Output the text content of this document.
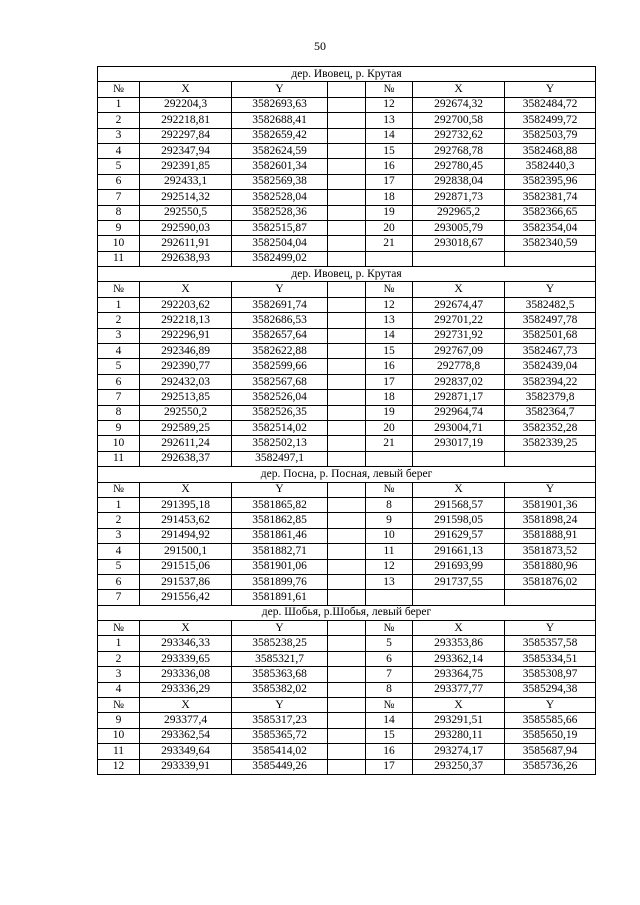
50
дер. Ивовец, р. Крутая						
№	X	Y		№	X	Y
1	292204,3	3582693,63		12	292674,32	3582484,72
2	292218,81	3582688,41		13	292700,58	3582499,72
3	292297,84	3582659,42		14	292732,62	3582503,79
4	292347,94	3582624,59		15	292768,78	3582468,88
5	292391,85	3582601,34		16	292780,45	3582440,3
6	292433,1	3582569,38		17	292838,04	3582395,96
7	292514,32	3582528,04		18	292871,73	3582381,74
8	292550,5	3582528,36		19	292965,2	3582366,65
9	292590,03	3582515,87		20	293005,79	3582354,04
10	292611,91	3582504,04		21	293018,67	3582340,59
11	292638,93	3582499,02				
дер. Ивовец, р. Крутая						
№	X	Y		№	X	Y
1	292203,62	3582691,74		12	292674,47	3582482,5
2	292218,13	3582686,53		13	292701,22	3582497,78
3	292296,91	3582657,64		14	292731,92	3582501,68
4	292346,89	3582622,88		15	292767,09	3582467,73
5	292390,77	3582599,66		16	292778,8	3582439,04
6	292432,03	3582567,68		17	292837,02	3582394,22
7	292513,85	3582526,04		18	292871,17	3582379,8
8	292550,2	3582526,35		19	292964,74	3582364,7
9	292589,25	3582514,02		20	293004,71	3582352,28
10	292611,24	3582502,13		21	293017,19	3582339,25
11	292638,37	3582497,1				
дер. Посна, р. Посная, левый берег						
№	X	Y		№	X	Y
1	291395,18	3581865,82		8	291568,57	3581901,36
2	291453,62	3581862,85		9	291598,05	3581898,24
3	291494,92	3581861,46		10	291629,57	3581888,91
4	291500,1	3581882,71		11	291661,13	3581873,52
5	291515,06	3581901,06		12	291693,99	3581880,96
6	291537,86	3581899,76		13	291737,55	3581876,02
7	291556,42	3581891,61				
дер. Шобья, р.Шобья, левый берег						
№	X	Y		№	X	Y
1	293346,33	3585238,25		5	293353,86	3585357,58
2	293339,65	3585321,7		6	293362,14	3585334,51
3	293336,08	3585363,68		7	293364,75	3585308,97
4	293336,29	3585382,02		8	293377,77	3585294,38
№	X	Y		№	X	Y
9	293377,4	3585317,23		14	293291,51	3585585,66
10	293362,54	3585365,72		15	293280,11	3585650,19
11	293349,64	3585414,02		16	293274,17	3585687,94
12	293339,91	3585449,26		17	293250,37	3585736,26
